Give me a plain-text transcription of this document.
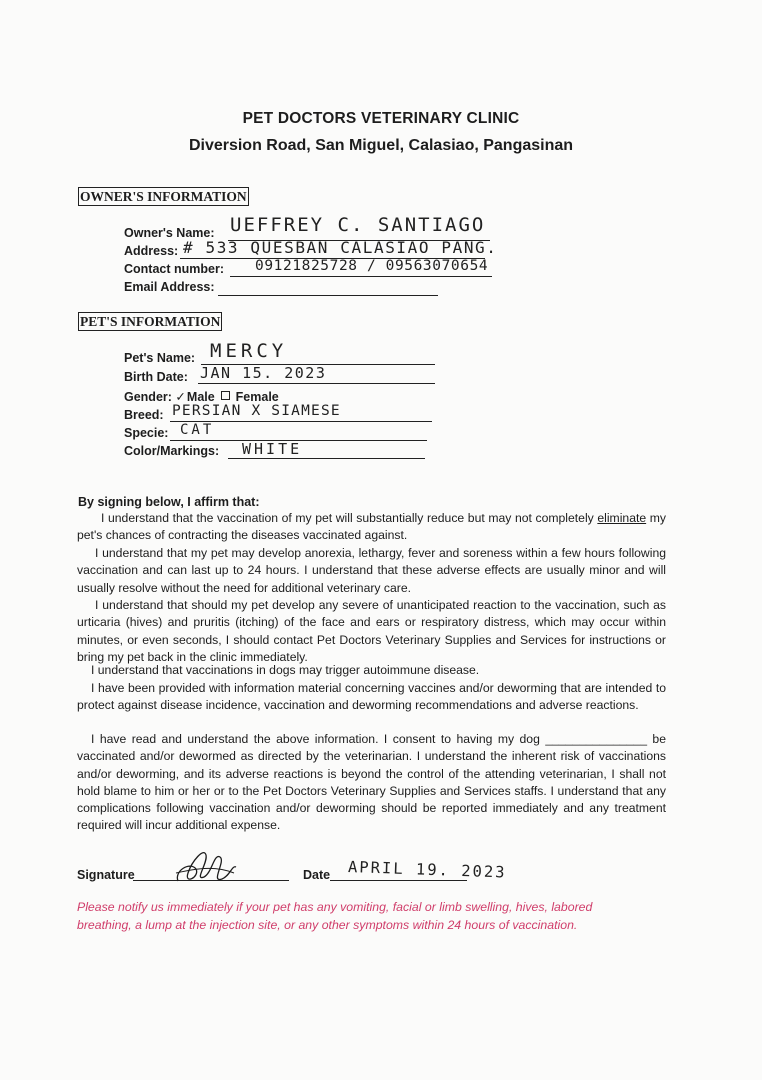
PET DOCTORS VETERINARY CLINIC
Diversion Road, San Miguel, Calasiao, Pangasinan
OWNER'S INFORMATION
Owner's Name: UEFFREY C. SANTIAGO
Address: # 533 QUESBAN CALASIAO PANG.
Contact number: 09121825728 / 09563070654
Email Address:
PET'S INFORMATION
Pet's Name: MERCY
Birth Date: JAN 15. 2023
Gender: ✓ Male Female
Breed: PERSIAN X SIAMESE
Specie: CAT
Color/Markings: WHITE
By signing below, I affirm that:

I understand that the vaccination of my pet will substantially reduce but may not completely eliminate my pet's chances of contracting the diseases vaccinated against.

I understand that my pet may develop anorexia, lethargy, fever and soreness within a few hours following vaccination and can last up to 24 hours. I understand that these adverse effects are usually minor and will usually resolve without the need for additional veterinary care.

I understand that should my pet develop any severe of unanticipated reaction to the vaccination, such as urticaria (hives) and pruritis (itching) of the face and ears or respiratory distress, which may occur within minutes, or even seconds, I should contact Pet Doctors Veterinary Supplies and Services for instructions or bring my pet back in the clinic immediately.

I understand that vaccinations in dogs may trigger autoimmune disease.

I have been provided with information material concerning vaccines and/or deworming that are intended to protect against disease incidence, vaccination and deworming recommendations and adverse reactions.

I have read and understand the above information. I consent to having my dog _______________ be vaccinated and/or dewormed as directed by the veterinarian. I understand the inherent risk of vaccinations and/or deworming, and its adverse reactions is beyond the control of the attending veterinarian, I shall not hold blame to him or her or to the Pet Doctors Veterinary Supplies and Services staffs. I understand that any complications following vaccination and/or deworming should be reported immediately and any treatment required will incur additional expense.

Signature	Date APRIL 19. 2023
Please notify us immediately if your pet has any vomiting, facial or limb swelling, hives, labored breathing, a lump at the injection site, or any other symptoms within 24 hours of vaccination.
